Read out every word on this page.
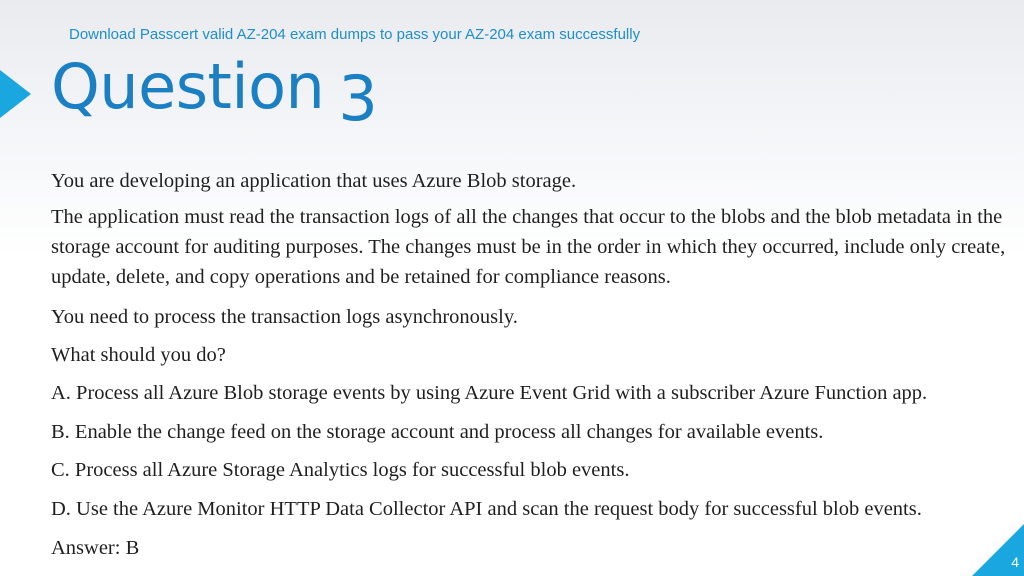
Download Passcert valid AZ-204 exam dumps to pass your AZ-204 exam successfully
Question 3
You are developing an application that uses Azure Blob storage.
The application must read the transaction logs of all the changes that occur to the blobs and the blob metadata in the storage account for auditing purposes. The changes must be in the order in which they occurred, include only create, update, delete, and copy operations and be retained for compliance reasons.
You need to process the transaction logs asynchronously.
What should you do?
A. Process all Azure Blob storage events by using Azure Event Grid with a subscriber Azure Function app.
B. Enable the change feed on the storage account and process all changes for available events.
C. Process all Azure Storage Analytics logs for successful blob events.
D. Use the Azure Monitor HTTP Data Collector API and scan the request body for successful blob events.
Answer: B
4
